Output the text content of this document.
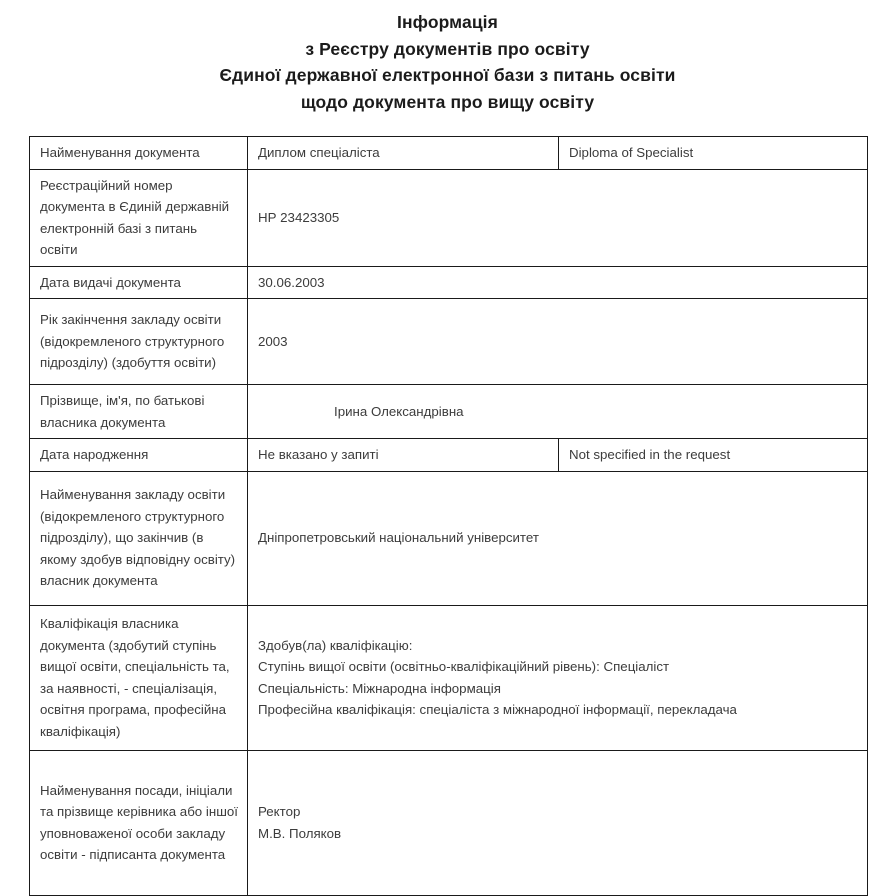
Інформація
з Реєстру документів про освіту
Єдиної державної електронної бази з питань освіти
щодо документа про вищу освіту
Найменування документа	Диплом спеціаліста	Diploma of Specialist
Реєстраційний номер документа в Єдиній державній електронній базі з питань освіти	НР 23423305	
Дата видачі документа	30.06.2003	
Рік закінчення закладу освіти (відокремленого структурного підрозділу) (здобуття освіти)	2003	
Прізвище, ім'я, по батькові власника документа	Ірина Олександрівна	
Дата народження	Не вказано у запиті	Not specified in the request
Найменування закладу освіти (відокремленого структурного підрозділу), що закінчив (в якому здобув відповідну освіту) власник документа	Дніпропетровський національний університет	
Кваліфікація власника документа (здобутий ступінь вищої освіти, спеціальність та, за наявності, - спеціалізація, освітня програма, професійна кваліфікація)	Здобув(ла) кваліфікацію:
Ступінь вищої освіти (освітньо-кваліфікаційний рівень): Спеціаліст
Спеціальність: Міжнародна інформація
Професійна кваліфікація: спеціаліста з міжнародної інформації, перекладача	

Найменування посади, ініціали та прізвище керівника або іншої уповноваженої особи закладу освіти - підписанта документа	Ректор
М.В. Поляков	
